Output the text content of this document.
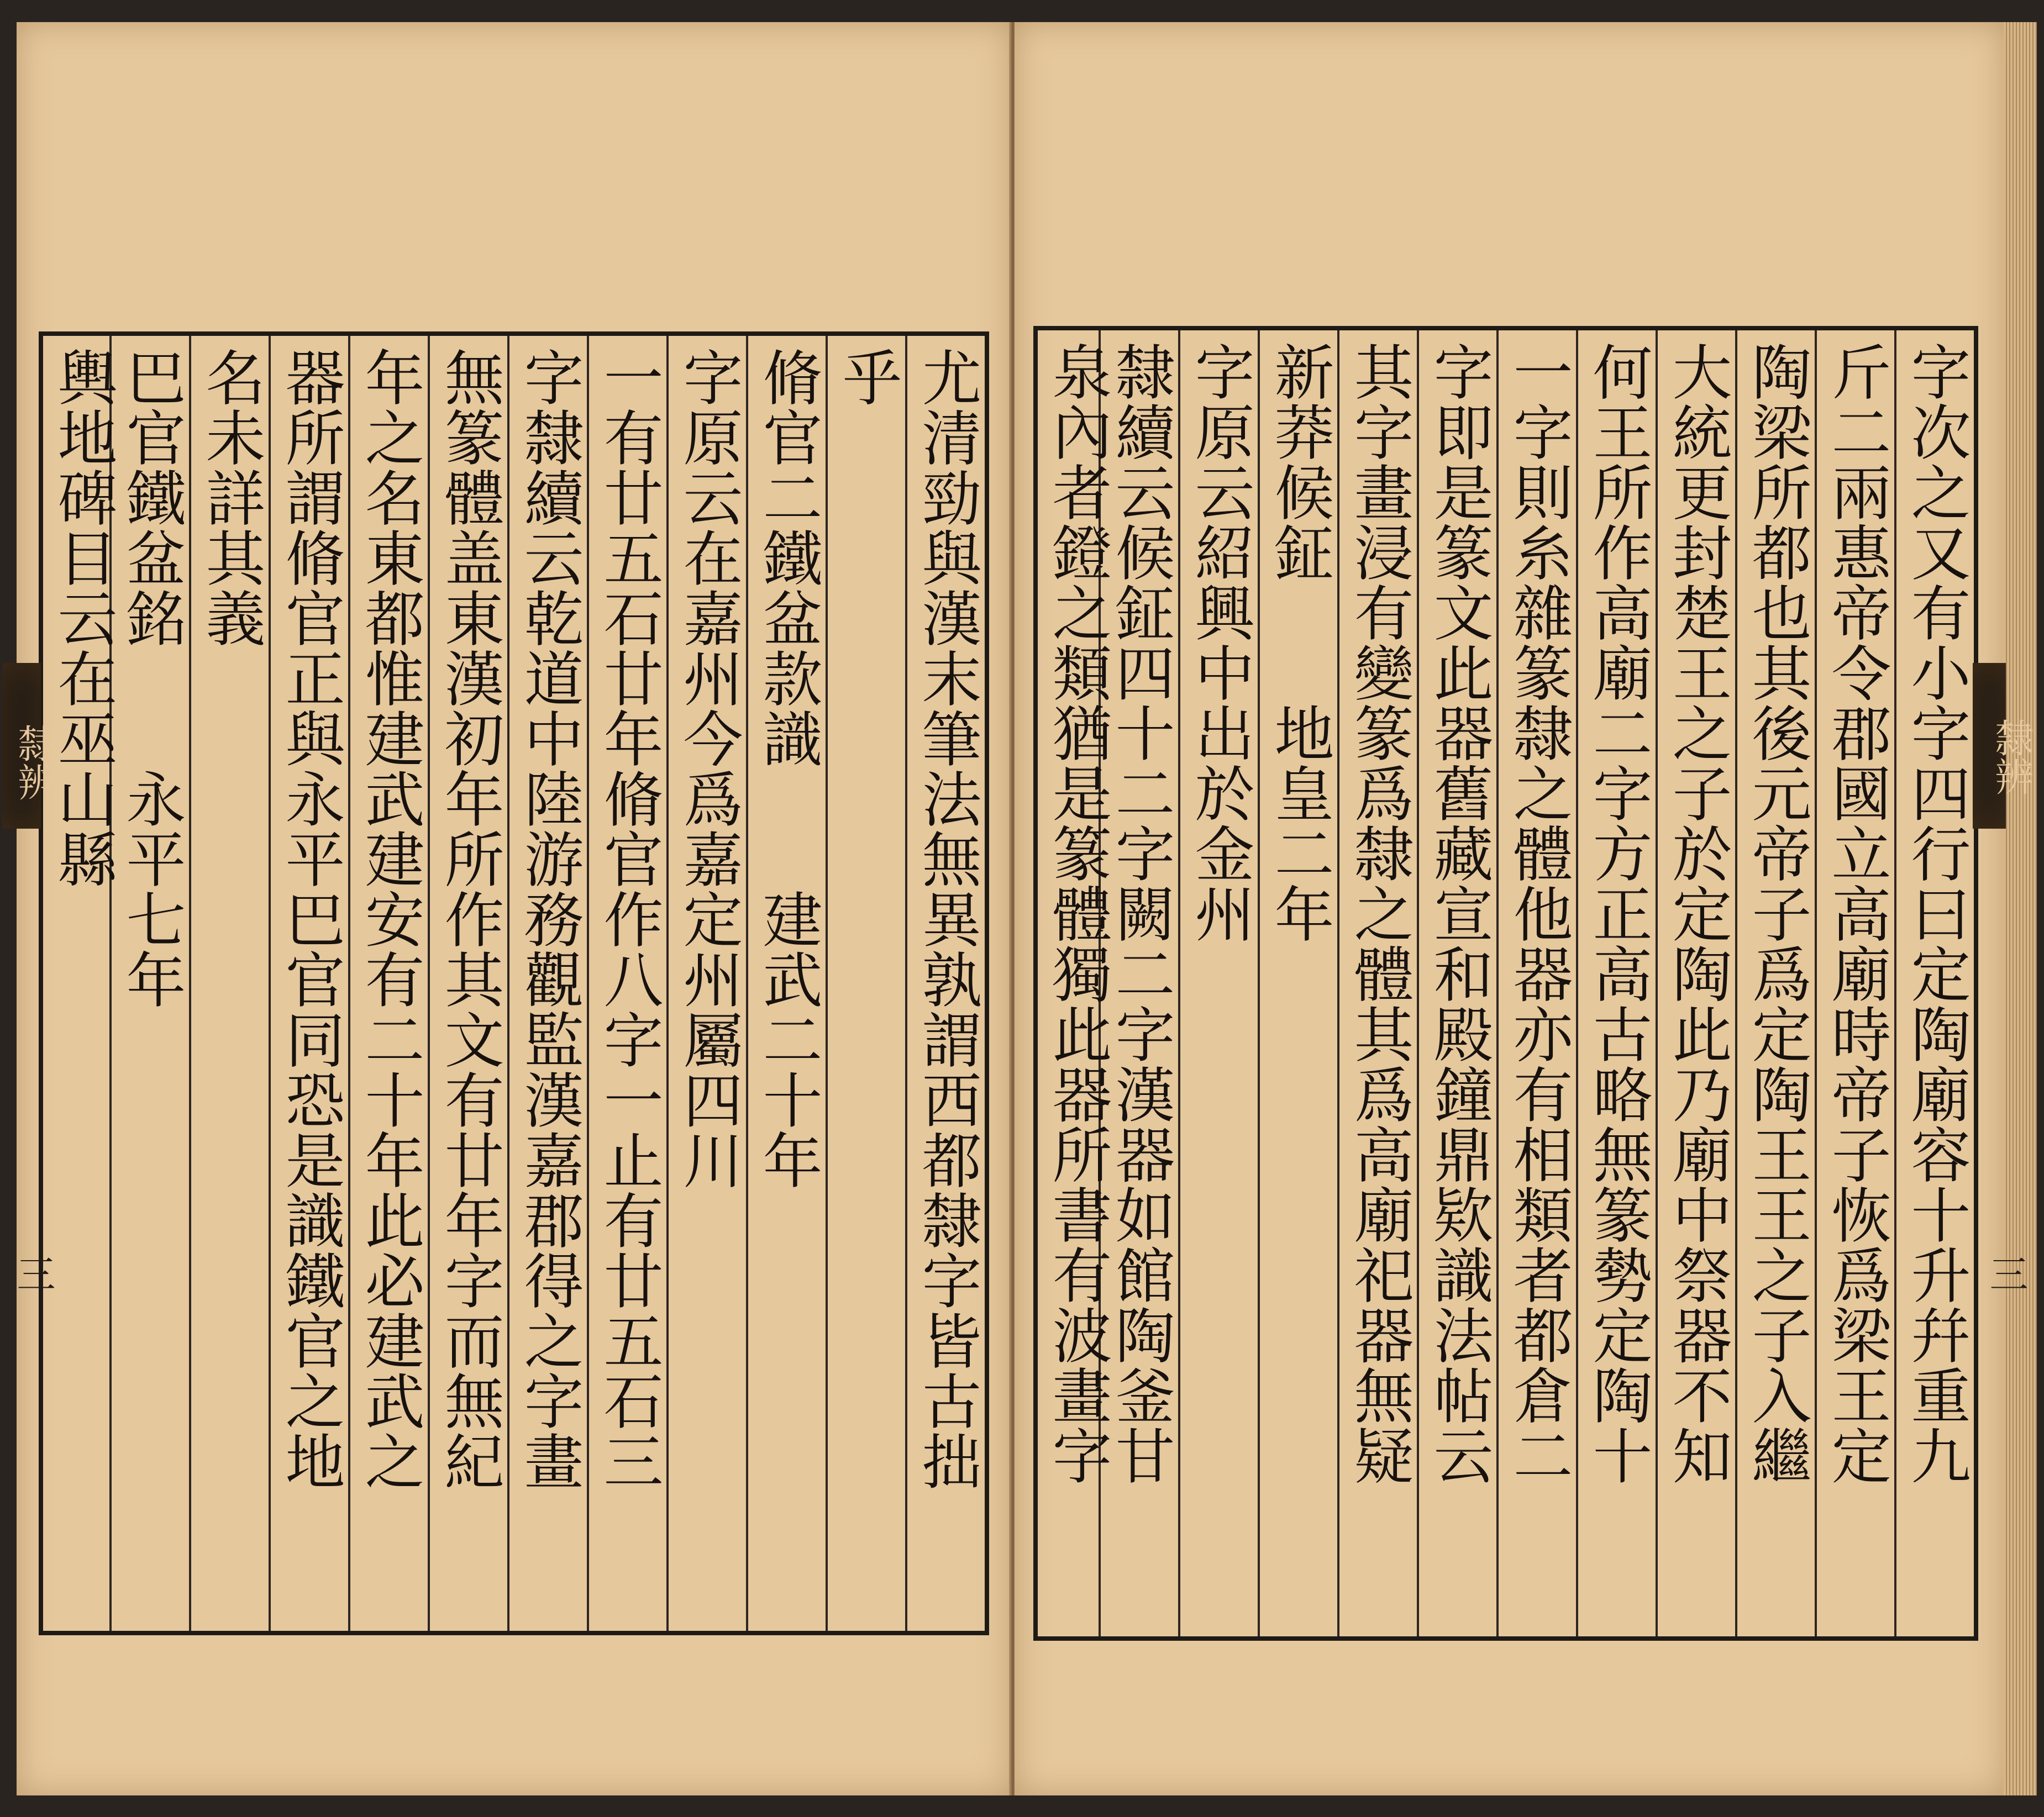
尤清勁與漢末筆法無異孰謂西都隸字皆古拙
乎
脩官二鐵盆款識　　建武二十年
字原云在嘉州今爲嘉定州屬四川
一有廿五石廿年脩官作八字一止有廿五石三
字隸續云乾道中陸游務觀監漢嘉郡得之字畫
無篆體盖東漢初年所作其文有廿年字而無紀
年之名東都惟建武建安有二十年此必建武之
器所謂脩官正與永平巴官同恐是識鐵官之地
名未詳其義
巴官鐵盆銘　　永平七年
輿地碑目云在巫山縣	字次之又有小字四行曰定陶廟容十升幷重九
斤二兩惠帝令郡國立高廟時帝子恢爲梁王定
陶梁所都也其後元帝子爲定陶王王之子入繼
大統更封楚王之子於定陶此乃廟中祭器不知
何王所作高廟二字方正高古略無篆勢定陶十
一字則糸雜篆隸之體他器亦有相類者都倉二
字即是篆文此器舊藏宣和殿鐘鼎欵識法帖云
其字畫浸有變篆爲隸之體其爲高廟祀器無疑
新莽候鉦　　地皇二年
字原云紹興中出於金州
隸續云候鉦四十二字闕二字漢器如館陶釜甘
泉內者鐙之類猶是篆體獨此器所書有波畫字
隸辨	隸辨
三	三
